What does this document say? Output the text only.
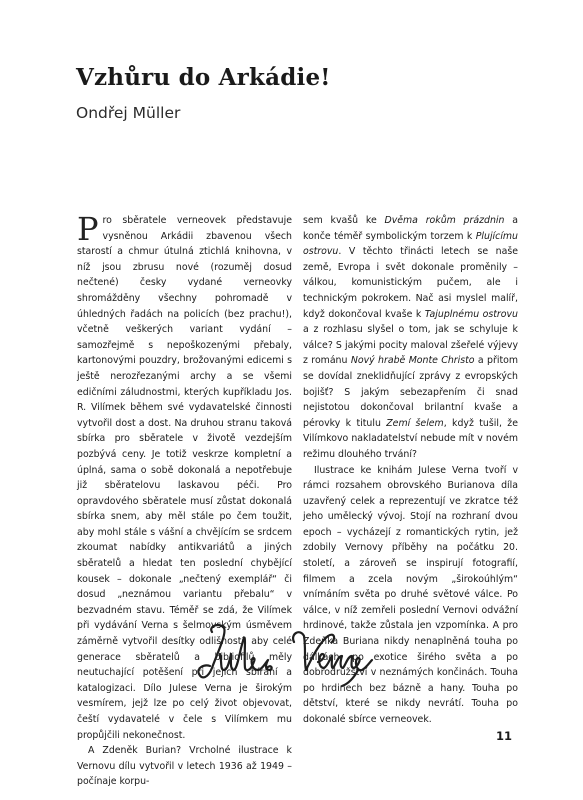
Vzhůru do Arkádie!
Ondřej Müller

Pro sběratele verneovek představuje vysněnou Arkádii zbavenou všech starostí a chmur útulná ztichlá knihovna, v níž jsou zbrusu nové (rozuměj dosud nečtené) česky vydané verneovky shromážděny všechny pohromadě v úhledných řadách na policích (bez prachu!), včetně veškerých variant vydání – samozřejmě s nepoškozenými přebaly, kartonovými pouzdry, brožovanými edicemi s ještě nerozřezanými archy a se všemi edičními záludnostmi, kterých kupříkladu Jos. R. Vilímek během své vydavatelské činnosti vytvořil dost a dost. Na druhou stranu taková sbírka pro sběratele v životě vezdejším pozbývá ceny. Je totiž veskrze kompletní a úplná, sama o sobě dokonalá a nepotřebuje již sběratelovu laskavou péči. Pro opravdového sběratele musí zůstat dokonalá sbírka snem, aby měl stále po čem toužit, aby mohl stále s vášní a chvějícím se srdcem zkoumat nabídky antikvariátů a jiných sběratelů a hledat ten poslední chybějící kousek – dokonale „nečtený exemplář“ či dosud „neznámou variantu přebalu“ v bezvadném stavu. Téměř se zdá, že Vilímek při vydávání Verna s šelmovským úsměvem záměrně vytvořil desítky odlišností, aby celé generace sběratelů a bibliofilů měly neutuchající potěšení při jejich sbírání a katalogizaci. Dílo Julese Verna je širokým vesmírem, jejž lze po celý život objevovat, čeští vydavatelé v čele s Vilímkem mu propůjčili nekonečnost.

A Zdeněk Burian? Vrcholné ilustrace k Vernovu dílu vytvořil v letech 1936 až 1949 – počínaje korpu-

sem kvašů ke Dvěma rokům prázdnin a konče téměř symbolickým torzem k Plujícímu ostrovu. V těchto třinácti letech se naše země, Evropa i svět dokonale proměnily – válkou, komunistickým pučem, ale i technickým pokrokem. Nač asi myslel malíř, když dokončoval kvaše k Tajuplnému ostrovu a z rozhlasu slyšel o tom, jak se schyluje k válce? S jakými pocity maloval zšeřelé výjevy z románu Nový hrabě Monte Christo a přitom se dovídal zneklidňující zprávy z evropských bojišť? S jakým sebezapřením či snad nejistotou dokončoval brilantní kvaše a pérovky k titulu Zemí šelem, když tušil, že Vilímkovo nakladatelství nebude mít v novém režimu dlouhého trvání?

Ilustrace ke knihám Julese Verna tvoří v rámci rozsahem obrovského Burianova díla uzavřený celek a reprezentují ve zkratce též jeho umělecký vývoj. Stojí na rozhraní dvou epoch – vycházejí z romantických rytin, jež zdobily Vernovy příběhy na počátku 20. století, a zároveň se inspirují fotografií, filmem a zcela novým „širokoúhlým“ vnímáním světa po druhé světové válce. Po válce, v níž zemřeli poslední Vernovi odvážní hrdinové, takže zůstala jen vzpomínka. A pro Zdeňka Buriana nikdy nenaplněná touha po dálkách, po exotice širého světa a po dobrodružství v neznámých končinách. Touha po hrdinech bez bázně a hany. Touha po dětství, které se nikdy nevrátí. Touha po dokonalé sbírce verneovek.

11
